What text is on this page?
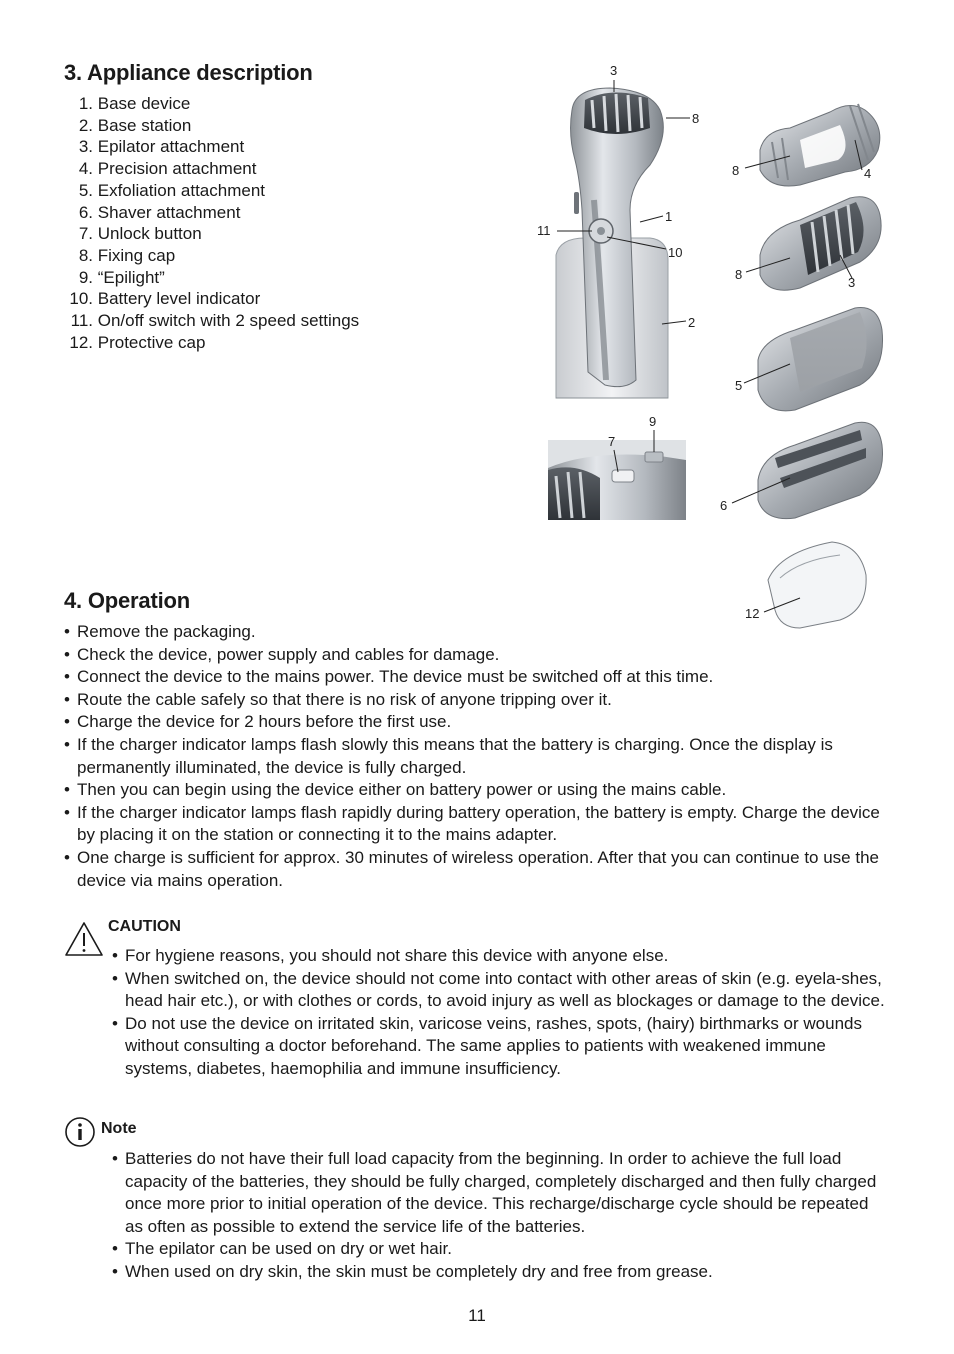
3. Appliance description
1.
Base device
2.
Base station
3.
Epilator attachment
4.
Precision attachment
5.
Exfoliation attachment
6.
Shaver attachment
7.
Unlock button
8.
Fixing cap
9.
“Epilight”
10.
Battery level indicator
11.
On/off switch with 2 speed settings
12.
Protective cap
3
8
1
11
10
2
8	4
8
3
5
9
7
6
12
4. Operation
• Remove the packaging.
• Check the device, power supply and cables for damage.
• Connect the device to the mains power. The device must be switched off at this time.
• Route the cable safely so that there is no risk of anyone tripping over it.
• Charge the device for 2 hours before the first use.
• If the charger indicator lamps flash slowly this means that the battery is charging. Once the display is permanently illuminated, the device is fully charged.
• Then you can begin using the device either on battery power or using the mains cable.
• If the charger indicator lamps flash rapidly during battery operation, the battery is empty. Charge the device by placing it on the station or connecting it to the mains adapter.
• One charge is sufficient for approx. 30 minutes of wireless operation. After that you can continue to use the device via mains operation.
CAUTION
• For hygiene reasons, you should not share this device with anyone else.
• When switched on, the device should not come into contact with other areas of skin (e.g. eyela-shes, head hair etc.), or with clothes or cords, to avoid injury as well as blockages or damage to the device.
• Do not use the device on irritated skin, varicose veins, rashes, spots, (hairy) birthmarks or wounds without consulting a doctor beforehand. The same applies to patients with weakened immune systems, diabetes, haemophilia and immune insufficiency.
Note
• Batteries do not have their full load capacity from the beginning. In order to achieve the full load capacity of the batteries, they should be fully charged, completely discharged and then fully charged once more prior to initial operation of the device. This recharge/discharge cycle should be repeated as often as possible to extend the service life of the batteries.
• The epilator can be used on dry or wet hair.
• When used on dry skin, the skin must be completely dry and free from grease.
11
